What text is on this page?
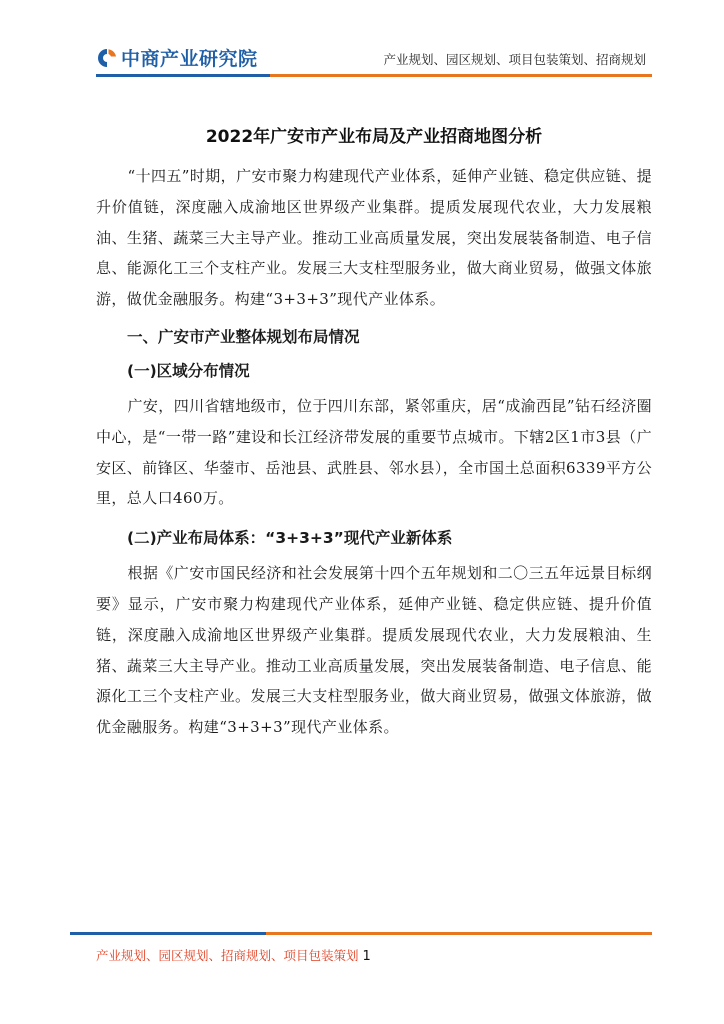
中商产业研究院	产业规划、园区规划、项目包装策划、招商规划
2022年广安市产业布局及产业招商地图分析

“十四五”时期，广安市聚力构建现代产业体系，延伸产业链、稳定供应链、提升价值链，深度融入成渝地区世界级产业集群。提质发展现代农业，大力发展粮油、生猪、蔬菜三大主导产业。推动工业高质量发展，突出发展装备制造、电子信息、能源化工三个支柱产业。发展三大支柱型服务业，做大商业贸易，做强文体旅游，做优金融服务。构建“3+3+3”现代产业体系。

一、广安市产业整体规划布局情况
(一)区域分布情况

广安，四川省辖地级市，位于四川东部，紧邻重庆，居“成渝西昆”钻石经济圈中心，是“一带一路”建设和长江经济带发展的重要节点城市。下辖2区1市3县（广安区、前锋区、华蓥市、岳池县、武胜县、邻水县），全市国土总面积6339平方公里，总人口460万。

(二)产业布局体系：“3+3+3”现代产业新体系

根据《广安市国民经济和社会发展第十四个五年规划和二〇三五年远景目标纲要》显示，广安市聚力构建现代产业体系，延伸产业链、稳定供应链、提升价值链，深度融入成渝地区世界级产业集群。提质发展现代农业，大力发展粮油、生猪、蔬菜三大主导产业。推动工业高质量发展，突出发展装备制造、电子信息、能源化工三个支柱产业。发展三大支柱型服务业，做大商业贸易，做强文体旅游，做优金融服务。构建“3+3+3”现代产业体系。

产业规划、园区规划、招商规划、项目包装策划 1
